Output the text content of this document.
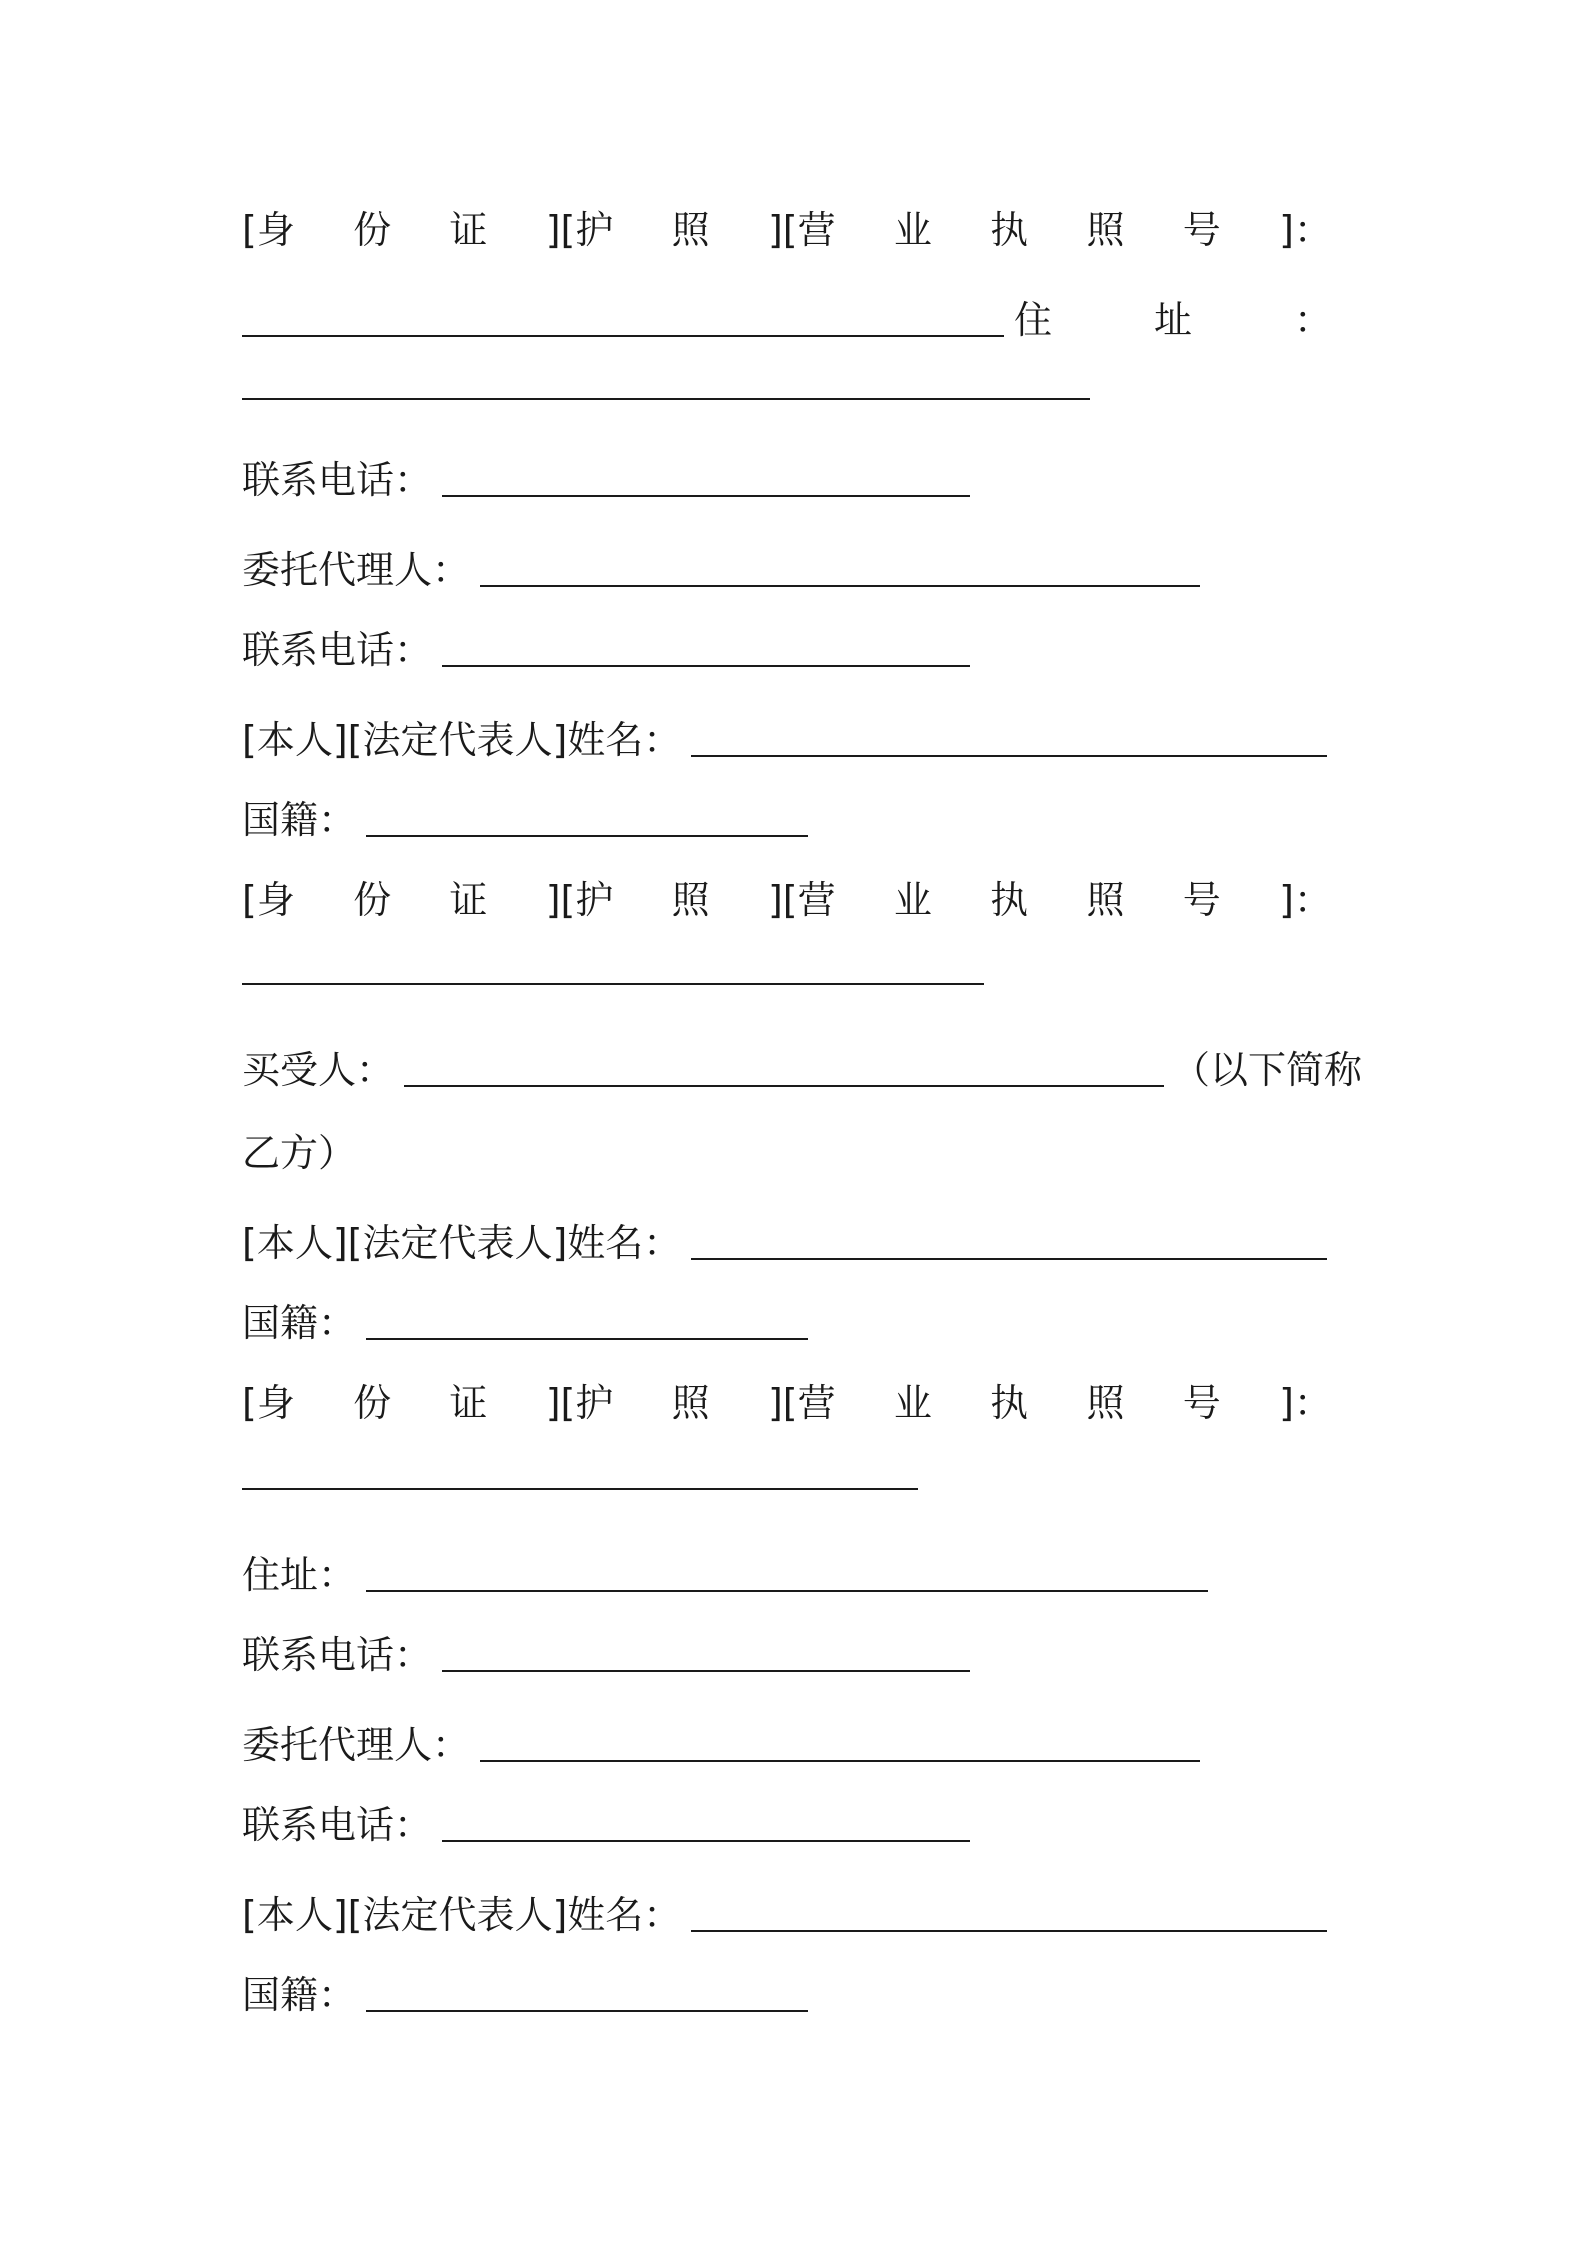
[身 份 证 ][护 照 ][营 业 执 照 号 ]：
住	址	：
联系电话：
委托代理人：
联系电话：
[本人][法定代表人]姓名：
国籍：
[身 份 证 ][护 照 ][营 业 执 照 号 ]：
买受人：	（以下简称
乙方）
[本人][法定代表人]姓名：
国籍：
[身 份 证 ][护 照 ][营 业 执 照 号 ]：
住址：
联系电话：
委托代理人：
联系电话：
[本人][法定代表人]姓名：
国籍：
